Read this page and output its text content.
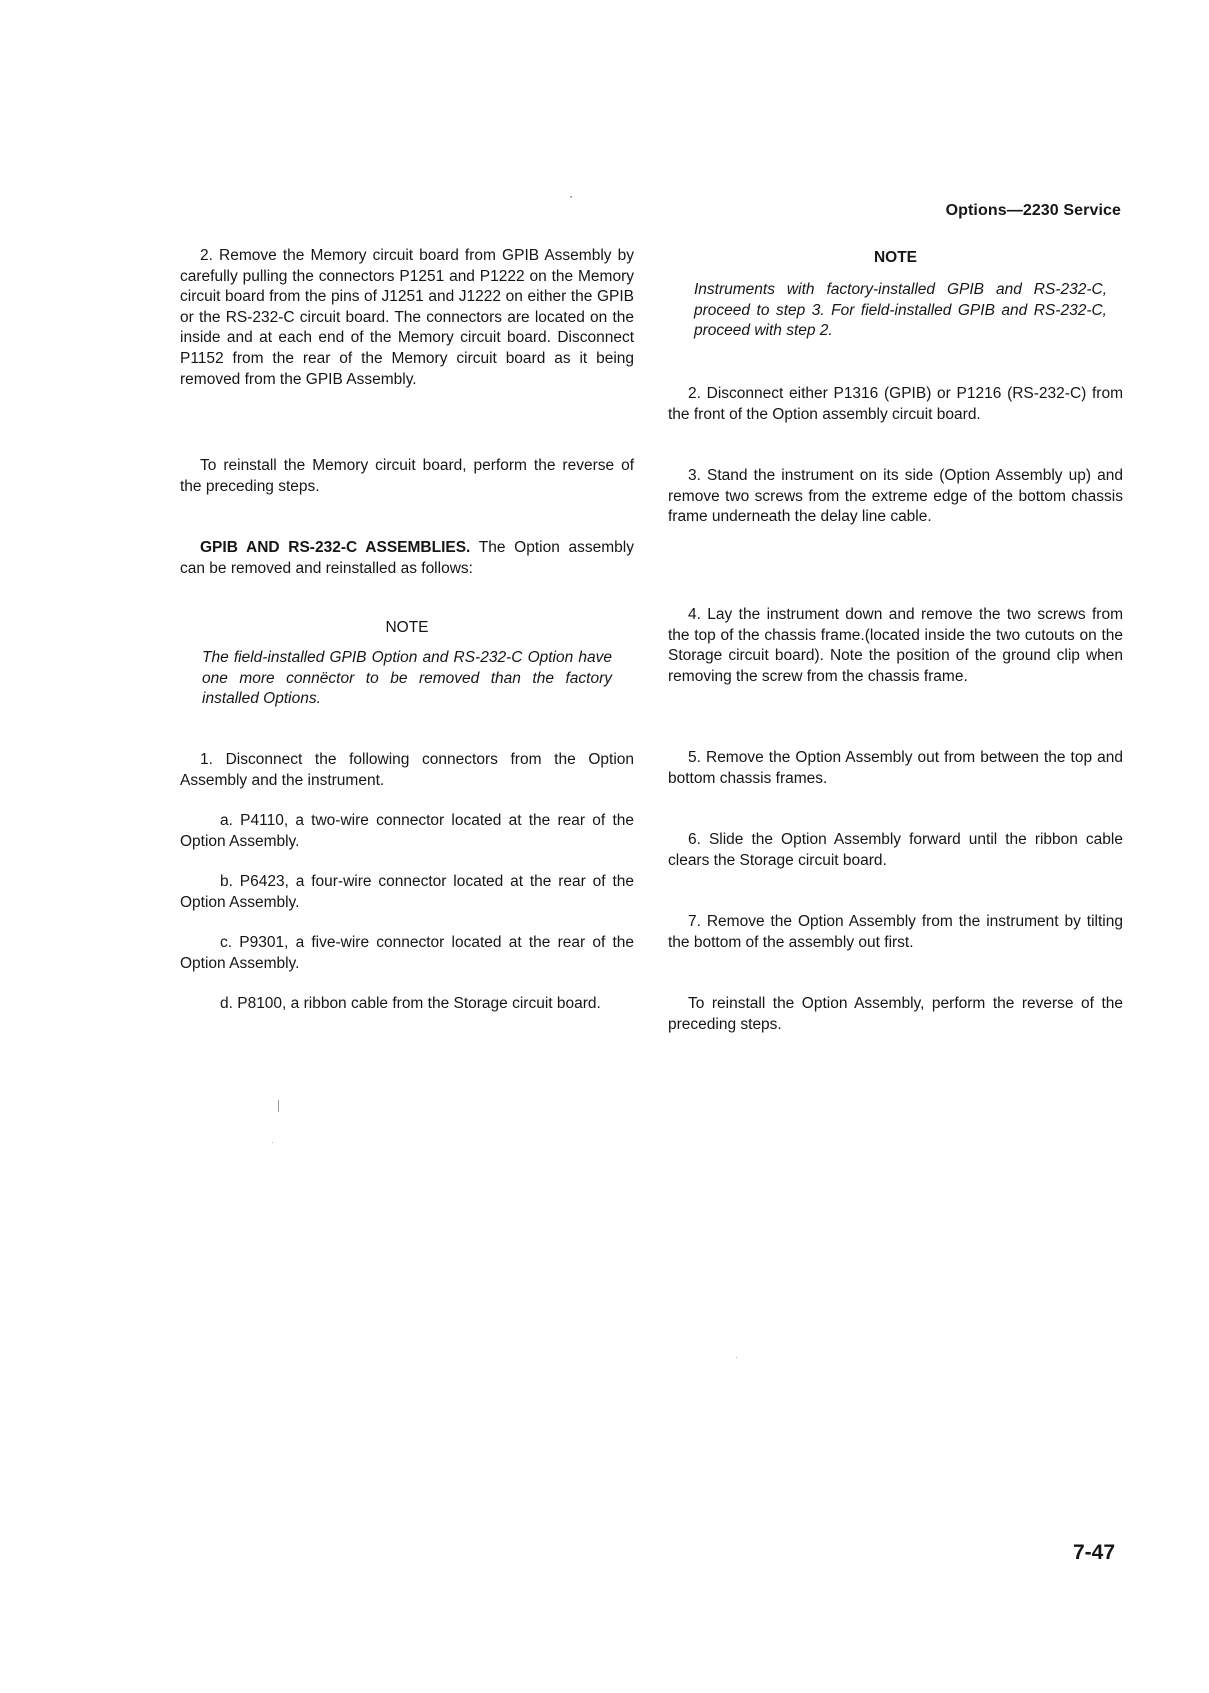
Options—2230 Service

2. Remove the Memory circuit board from GPIB Assembly by carefully pulling the connectors P1251 and P1222 on the Memory circuit board from the pins of J1251 and J1222 on either the GPIB or the RS-232-C circuit board. The connectors are located on the inside and at each end of the Memory circuit board. Disconnect P1152 from the rear of the Memory circuit board as it being removed from the GPIB Assembly.

To reinstall the Memory circuit board, perform the reverse of the preceding steps.

GPIB AND RS-232-C ASSEMBLIES. The Option assembly can be removed and reinstalled as follows:

NOTE

The field-installed GPIB Option and RS-232-C Option have one more connëctor to be removed than the factory installed Options.

1. Disconnect the following connectors from the Option Assembly and the instrument.

a. P4110, a two-wire connector located at the rear of the Option Assembly.

b. P6423, a four-wire connector located at the rear of the Option Assembly.

c. P9301, a five-wire connector located at the rear of the Option Assembly.

d. P8100, a ribbon cable from the Storage circuit board.

NOTE

Instruments with factory-installed GPIB and RS-232-C, proceed to step 3. For field-installed GPIB and RS-232-C, proceed with step 2.

2. Disconnect either P1316 (GPIB) or P1216 (RS-232-C) from the front of the Option assembly circuit board.

3. Stand the instrument on its side (Option Assembly up) and remove two screws from the extreme edge of the bottom chassis frame underneath the delay line cable.

4. Lay the instrument down and remove the two screws from the top of the chassis frame.(located inside the two cutouts on the Storage circuit board). Note the position of the ground clip when removing the screw from the chassis frame.

5. Remove the Option Assembly out from between the top and bottom chassis frames.

6. Slide the Option Assembly forward until the ribbon cable clears the Storage circuit board.

7. Remove the Option Assembly from the instrument by tilting the bottom of the assembly out first.

To reinstall the Option Assembly, perform the reverse of the preceding steps.

7-47
